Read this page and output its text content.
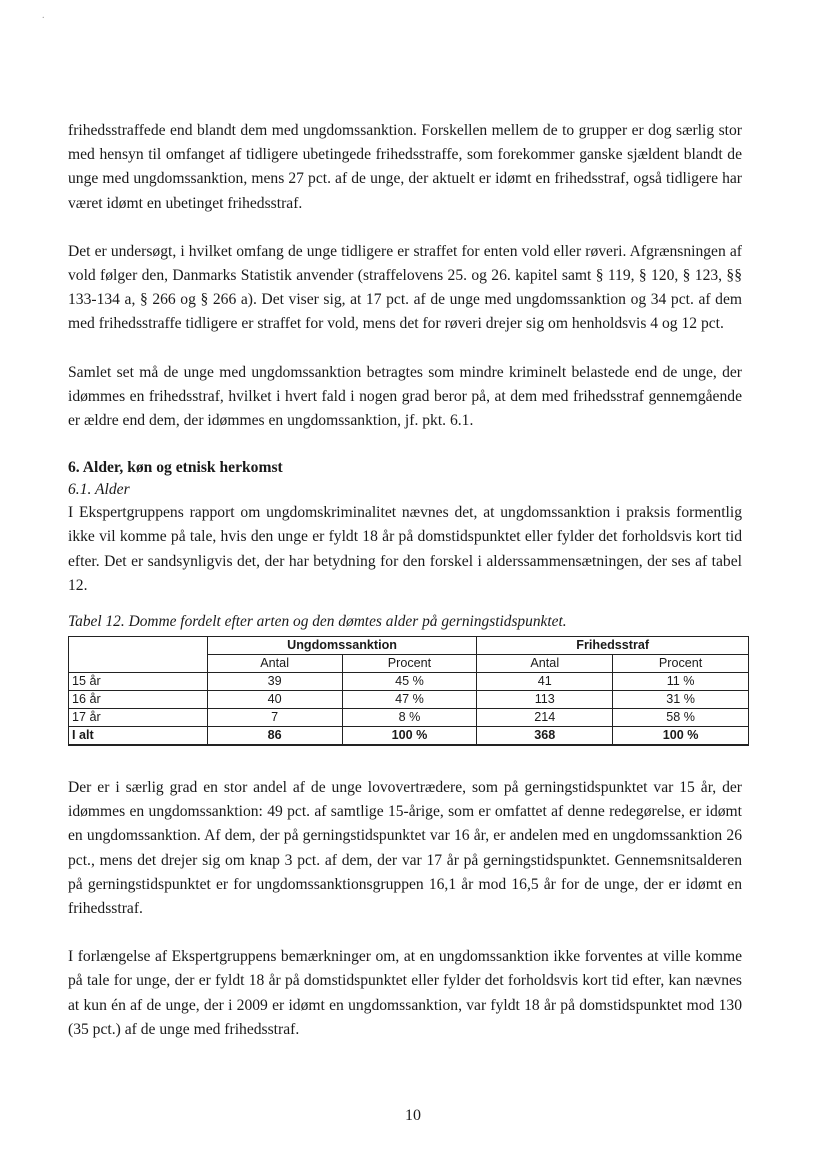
.

frihedsstraffede end blandt dem med ungdomssanktion. Forskellen mellem de to grupper er dog særlig stor med hensyn til omfanget af tidligere ubetingede frihedsstraffe, som forekommer ganske sjældent blandt de unge med ungdomssanktion, mens 27 pct. af de unge, der aktuelt er idømt en frihedsstraf, også tidligere har været idømt en ubetinget frihedsstraf.

Det er undersøgt, i hvilket omfang de unge tidligere er straffet for enten vold eller røveri. Afgrænsningen af vold følger den, Danmarks Statistik anvender (straffelovens 25. og 26. kapitel samt § 119, § 120, § 123, §§ 133-134 a, § 266 og § 266 a). Det viser sig, at 17 pct. af de unge med ungdomssanktion og 34 pct. af dem med frihedsstraffe tidligere er straffet for vold, mens det for røveri drejer sig om henholdsvis 4 og 12 pct.

Samlet set må de unge med ungdomssanktion betragtes som mindre kriminelt belastede end de unge, der idømmes en frihedsstraf, hvilket i hvert fald i nogen grad beror på, at dem med frihedsstraf gennemgående er ældre end dem, der idømmes en ungdomssanktion, jf. pkt. 6.1.

6. Alder, køn og etnisk herkomst
6.1. Alder

I Ekspertgruppens rapport om ungdomskriminalitet nævnes det, at ungdomssanktion i praksis formentlig ikke vil komme på tale, hvis den unge er fyldt 18 år på domstidspunktet eller fylder det forholdsvis kort tid efter. Det er sandsynligvis det, der har betydning for den forskel i alderssammensætningen, der ses af tabel 12.

Tabel 12. Domme fordelt efter arten og den dømtes alder på gerningstidspunktet.
	Ungdomssanktion		Frihedsstraf	
	Antal	Procent	Antal	Procent
15 år	39	45 %	41	11 %
16 år	40	47 %	113	31 %
17 år	7	8 %	214	58 %
I alt	86	100 %	368	100 %

Der er i særlig grad en stor andel af de unge lovovertrædere, som på gerningstidspunktet var 15 år, der idømmes en ungdomssanktion: 49 pct. af samtlige 15-årige, som er omfattet af denne redegørelse, er idømt en ungdomssanktion. Af dem, der på gerningstidspunktet var 16 år, er andelen med en ungdomssanktion 26 pct., mens det drejer sig om knap 3 pct. af dem, der var 17 år på gerningstidspunktet. Gennemsnitsalderen på gerningstidspunktet er for ungdomssanktionsgruppen 16,1 år mod 16,5 år for de unge, der er idømt en frihedsstraf.

I forlængelse af Ekspertgruppens bemærkninger om, at en ungdomssanktion ikke forventes at ville komme på tale for unge, der er fyldt 18 år på domstidspunktet eller fylder det forholdsvis kort tid efter, kan nævnes at kun én af de unge, der i 2009 er idømt en ungdomssanktion, var fyldt 18 år på domstidspunktet mod 130 (35 pct.) af de unge med frihedsstraf.

10
